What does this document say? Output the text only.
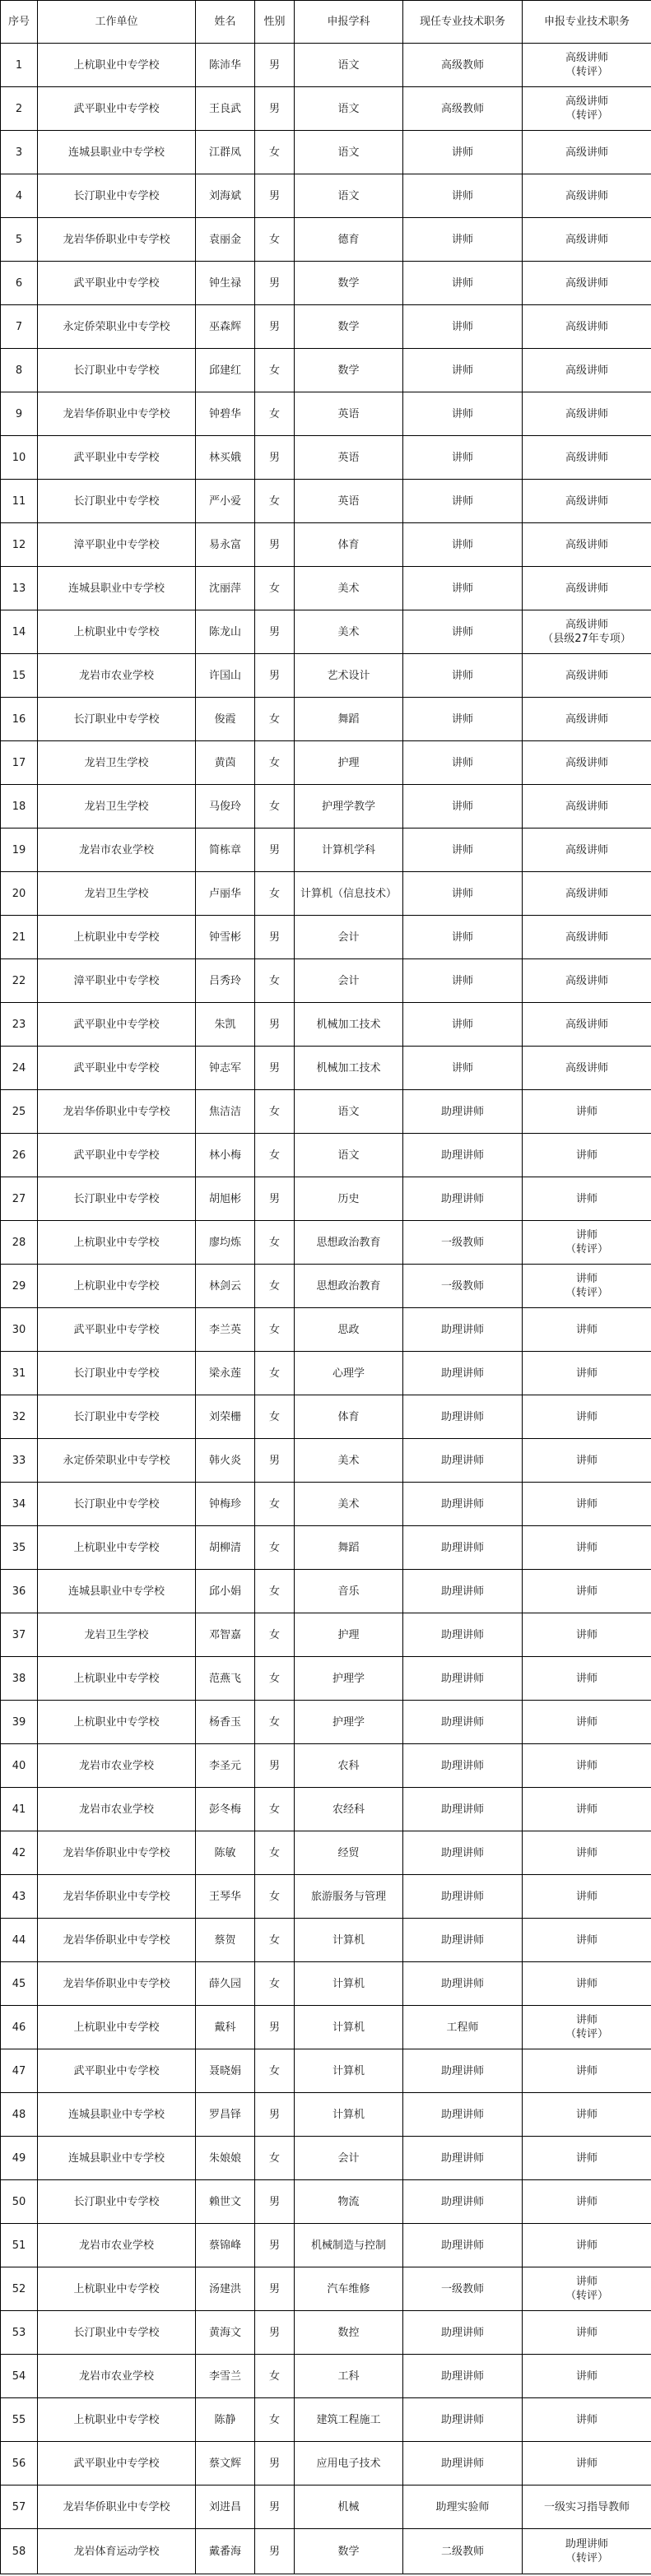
序号	工作单位	姓名	性别	申报学科	现任专业技术职务	申报专业技术职务
1	上杭职业中专学校	陈沛华	男	语文	高级教师	高级讲师
（转评）
2	武平职业中专学校	王良武	男	语文	高级教师	高级讲师
（转评）
3	连城县职业中专学校	江群凤	女	语文	讲师	高级讲师
4	长汀职业中专学校	刘海斌	男	语文	讲师	高级讲师
5	龙岩华侨职业中专学校	袁丽金	女	德育	讲师	高级讲师
6	武平职业中专学校	钟生禄	男	数学	讲师	高级讲师
7	永定侨荣职业中专学校	巫森辉	男	数学	讲师	高级讲师
8	长汀职业中专学校	邱建红	女	数学	讲师	高级讲师
9	龙岩华侨职业中专学校	钟碧华	女	英语	讲师	高级讲师
10	武平职业中专学校	林买娥	男	英语	讲师	高级讲师
11	长汀职业中专学校	严小爱	女	英语	讲师	高级讲师
12	漳平职业中专学校	易永富	男	体育	讲师	高级讲师
13	连城县职业中专学校	沈丽萍	女	美术	讲师	高级讲师
14	上杭职业中专学校	陈龙山	男	美术	讲师	高级讲师
（县级27年专项）
15	龙岩市农业学校	许国山	男	艺术设计	讲师	高级讲师
16	长汀职业中专学校	俊霞	女	舞蹈	讲师	高级讲师
17	龙岩卫生学校	黄茵	女	护理	讲师	高级讲师
18	龙岩卫生学校	马俊玲	女	护理学教学	讲师	高级讲师
19	龙岩市农业学校	简栋章	男	计算机学科	讲师	高级讲师
20	龙岩卫生学校	卢丽华	女	计算机（信息技术）	讲师	高级讲师
21	上杭职业中专学校	钟雪彬	男	会计	讲师	高级讲师
22	漳平职业中专学校	吕秀玲	女	会计	讲师	高级讲师
23	武平职业中专学校	朱凯	男	机械加工技术	讲师	高级讲师
24	武平职业中专学校	钟志军	男	机械加工技术	讲师	高级讲师
25	龙岩华侨职业中专学校	焦洁洁	女	语文	助理讲师	讲师
26	武平职业中专学校	林小梅	女	语文	助理讲师	讲师
27	长汀职业中专学校	胡旭彬	男	历史	助理讲师	讲师
28	上杭职业中专学校	廖均炼	女	思想政治教育	一级教师	讲师
（转评）
29	上杭职业中专学校	林剑云	女	思想政治教育	一级教师	讲师
（转评）
30	武平职业中专学校	李兰英	女	思政	助理讲师	讲师
31	长汀职业中专学校	梁永莲	女	心理学	助理讲师	讲师
32	长汀职业中专学校	刘荣栅	女	体育	助理讲师	讲师
33	永定侨荣职业中专学校	韩火炎	男	美术	助理讲师	讲师
34	长汀职业中专学校	钟梅珍	女	美术	助理讲师	讲师
35	上杭职业中专学校	胡柳清	女	舞蹈	助理讲师	讲师
36	连城县职业中专学校	邱小娟	女	音乐	助理讲师	讲师
37	龙岩卫生学校	邓智嘉	女	护理	助理讲师	讲师
38	上杭职业中专学校	范燕飞	女	护理学	助理讲师	讲师
39	上杭职业中专学校	杨香玉	女	护理学	助理讲师	讲师
40	龙岩市农业学校	李圣元	男	农科	助理讲师	讲师
41	龙岩市农业学校	彭冬梅	女	农经科	助理讲师	讲师
42	龙岩华侨职业中专学校	陈敏	女	经贸	助理讲师	讲师
43	龙岩华侨职业中专学校	王琴华	女	旅游服务与管理	助理讲师	讲师
44	龙岩华侨职业中专学校	蔡贺	女	计算机	助理讲师	讲师
45	龙岩华侨职业中专学校	薛久园	女	计算机	助理讲师	讲师
46	上杭职业中专学校	戴科	男	计算机	工程师	讲师
（转评）
47	武平职业中专学校	聂晓娟	女	计算机	助理讲师	讲师
48	连城县职业中专学校	罗昌铎	男	计算机	助理讲师	讲师
49	连城县职业中专学校	朱娘娘	女	会计	助理讲师	讲师
50	长汀职业中专学校	赖世文	男	物流	助理讲师	讲师
51	龙岩市农业学校	蔡锦峰	男	机械制造与控制	助理讲师	讲师
52	上杭职业中专学校	汤建洪	男	汽车维修	一级教师	讲师
（转评）
53	长汀职业中专学校	黄海文	男	数控	助理讲师	讲师
54	龙岩市农业学校	李雪兰	女	工科	助理讲师	讲师
55	上杭职业中专学校	陈静	女	建筑工程施工	助理讲师	讲师
56	武平职业中专学校	蔡文辉	男	应用电子技术	助理讲师	讲师
57	龙岩华侨职业中专学校	刘进昌	男	机械	助理实验师	一级实习指导教师
58	龙岩体育运动学校	戴番海	男	数学	二级教师	助理讲师
（转评）
